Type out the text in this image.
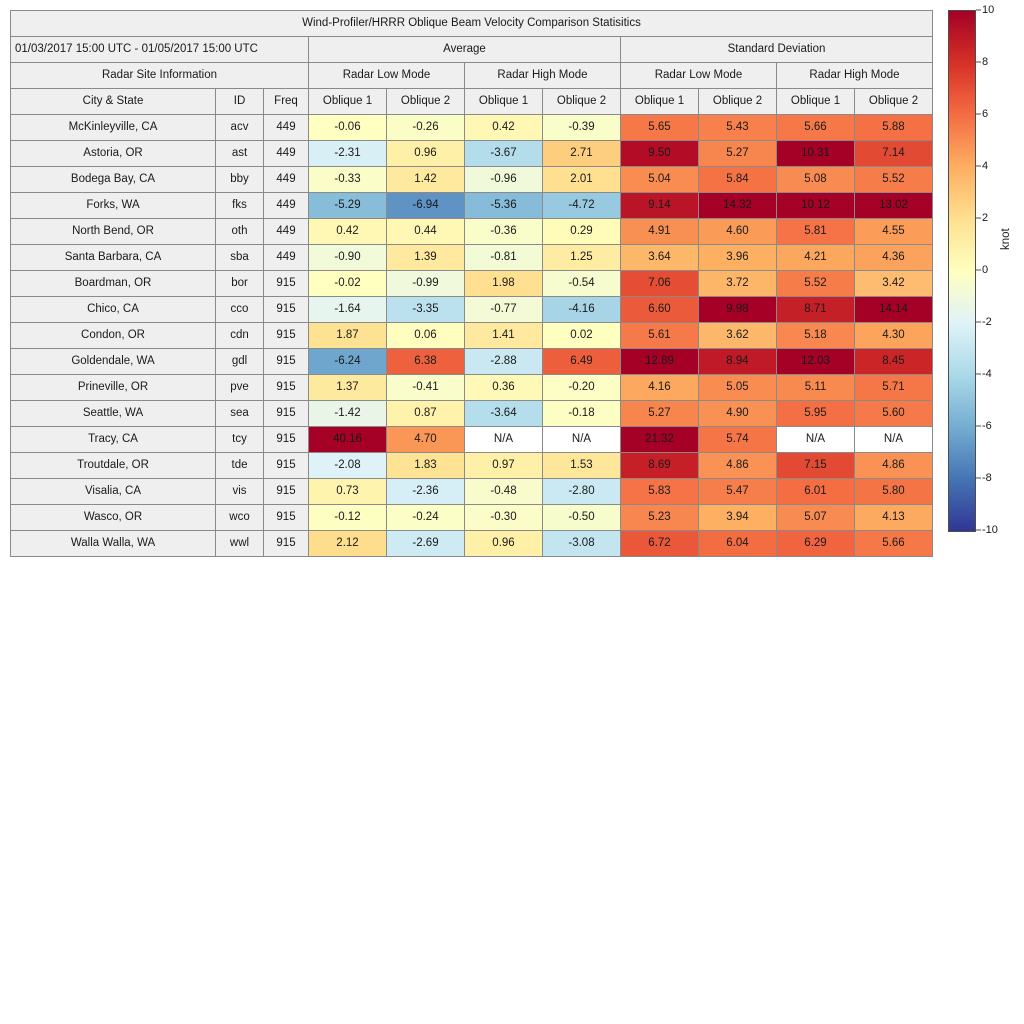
Wind-Profiler/HRRR Oblique Beam Velocity Comparison Statisitics										
01/03/2017 15:00 UTC - 01/05/2017 15:00 UTC			Average				Standard Deviation			
Radar Site Information			Radar Low Mode		Radar High Mode		Radar Low Mode		Radar High Mode	
City & State	ID	Freq	Oblique 1	Oblique 2	Oblique 1	Oblique 2	Oblique 1	Oblique 2	Oblique 1	Oblique 2
McKinleyville, CA	acv	449	-0.06	-0.26	0.42	-0.39	5.65	5.43	5.66	5.88
Astoria, OR	ast	449	-2.31	0.96	-3.67	2.71	9.50	5.27	10.31	7.14
Bodega Bay, CA	bby	449	-0.33	1.42	-0.96	2.01	5.04	5.84	5.08	5.52
Forks, WA	fks	449	-5.29	-6.94	-5.36	-4.72	9.14	14.32	10.12	13.02
North Bend, OR	oth	449	0.42	0.44	-0.36	0.29	4.91	4.60	5.81	4.55
Santa Barbara, CA	sba	449	-0.90	1.39	-0.81	1.25	3.64	3.96	4.21	4.36
Boardman, OR	bor	915	-0.02	-0.99	1.98	-0.54	7.06	3.72	5.52	3.42
Chico, CA	cco	915	-1.64	-3.35	-0.77	-4.16	6.60	9.98	8.71	14.14
Condon, OR	cdn	915	1.87	0.06	1.41	0.02	5.61	3.62	5.18	4.30
Goldendale, WA	gdl	915	-6.24	6.38	-2.88	6.49	12.89	8.94	12.03	8.45
Prineville, OR	pve	915	1.37	-0.41	0.36	-0.20	4.16	5.05	5.11	5.71
Seattle, WA	sea	915	-1.42	0.87	-3.64	-0.18	5.27	4.90	5.95	5.60
Tracy, CA	tcy	915	40.16	4.70	N/A	N/A	21.32	5.74	N/A	N/A
Troutdale, OR	tde	915	-2.08	1.83	0.97	1.53	8.69	4.86	7.15	4.86
Visalia, CA	vis	915	0.73	-2.36	-0.48	-2.80	5.83	5.47	6.01	5.80
Wasco, OR	wco	915	-0.12	-0.24	-0.30	-0.50	5.23	3.94	5.07	4.13
Walla Walla, WA	wwl	915	2.12	-2.69	0.96	-3.08	6.72	6.04	6.29	5.66
10
8
6
4
2
0
-2
-4
-6
-8
-10
knot
